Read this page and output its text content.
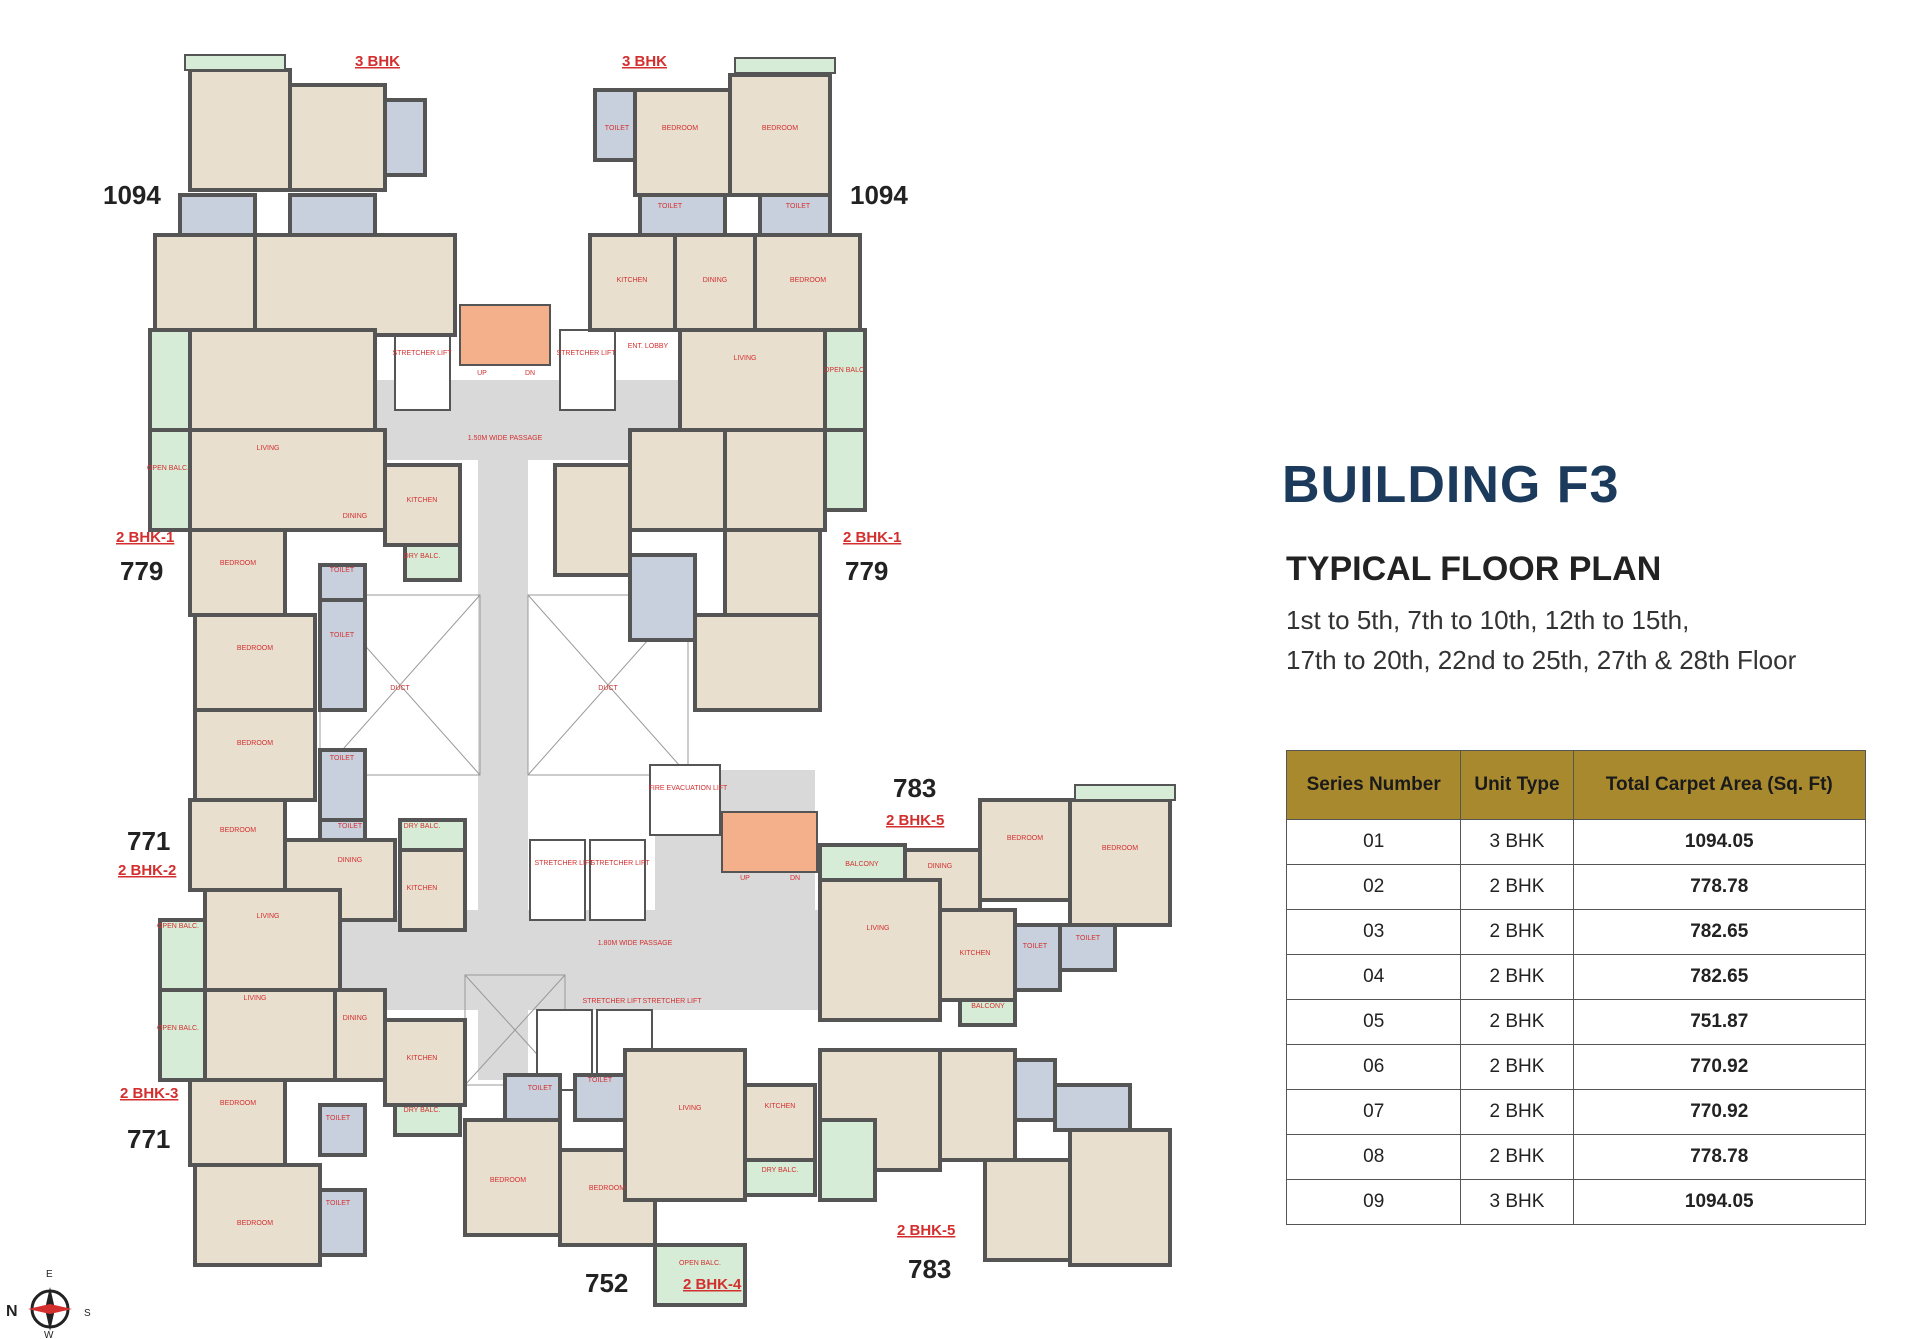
BEDROOM	BEDROOM
KITCHEN	DINING	BEDROOM
LIVING
TOILET
TOILET	TOILET
OPEN BALC.
ENT. LOBBY
STRETCHER LIFT	STRETCHER LIFT
LIVING
OPEN BALC.
DINING
KITCHEN
DRY BALC.
BEDROOM
TOILET
BEDROOM
TOILET
BEDROOM
TOILET
BEDROOM
TOILET
DINING
DRY BALC.
KITCHEN
LIVING
OPEN BALC.
LIVING
OPEN BALC.
DINING
KITCHEN
DRY BALC.
BEDROOM
TOILET
BEDROOM
TOILET
BEDROOM
BEDROOM
TOILET
TOILET
LIVING	KITCHEN
DRY BALC.
OPEN BALC.
BALCONY	DINING
BEDROOM
BEDROOM
LIVING
KITCHEN
TOILET
TOILET
BALCONY
FIRE EVACUATION LIFT
STRETCHER LIFT
STRETCHER LIFT
STRETCHER LIFT STRETCHER LIFT
1.50M WIDE PASSAGE
1.80M WIDE PASSAGE
UP	DN
UP	DN
DUCT	DUCT
3 BHK	3 BHK
2 BHK-1	2 BHK-1
2 BHK-2
2 BHK-3
2 BHK-4
2 BHK-5
2 BHK-5
1094	1094
779	779
771
771
752
783
783
N
E
S
W
BUILDING F3
TYPICAL FLOOR PLAN
1st to 5th, 7th to 10th, 12th to 15th,
17th to 20th, 22nd to 25th, 27th & 28th Floor
Series Number	Unit Type	Total Carpet Area (Sq. Ft)
01	3 BHK	1094.05
02	2 BHK	778.78
03	2 BHK	782.65
04	2 BHK	782.65
05	2 BHK	751.87
06	2 BHK	770.92
07	2 BHK	770.92
08	2 BHK	778.78
09	3 BHK	1094.05
